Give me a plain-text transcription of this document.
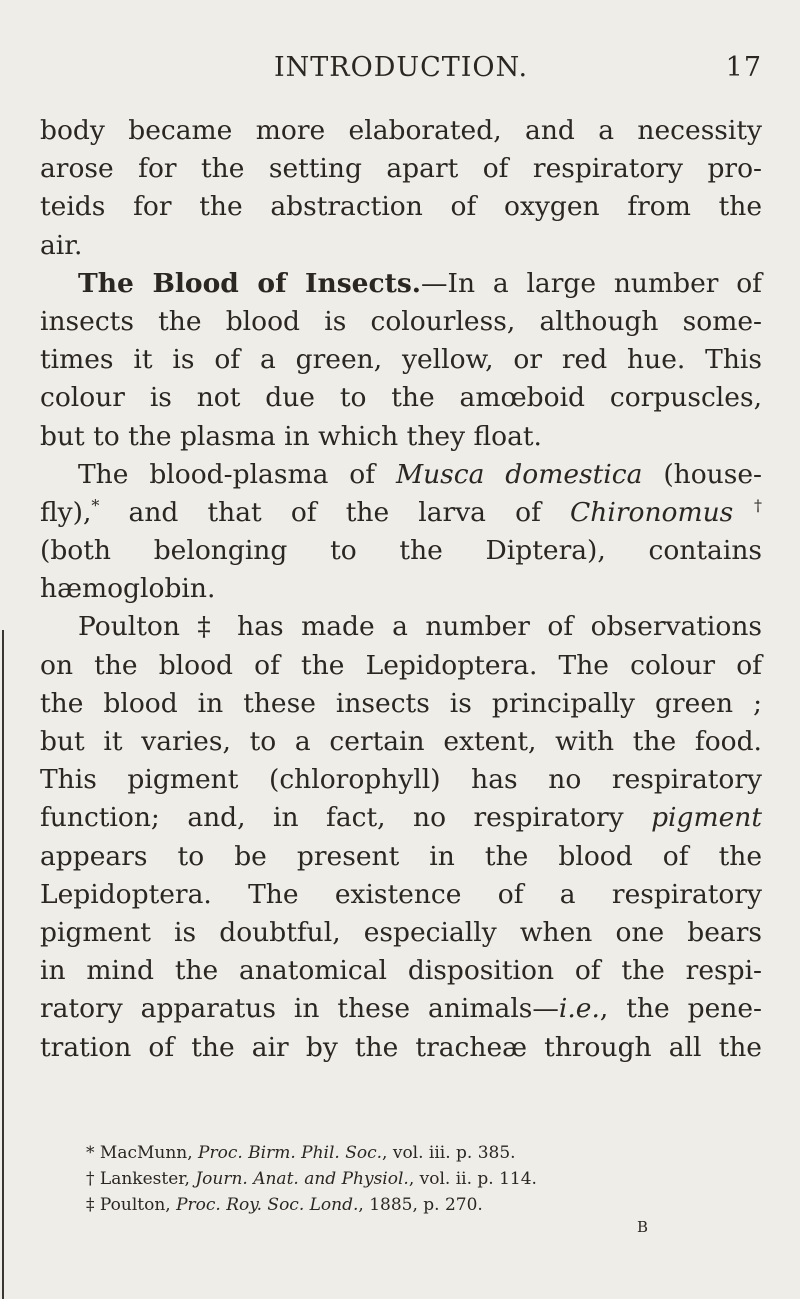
INTRODUCTION.	17
body became more elaborated, and a necessity
arose for the setting apart of respiratory pro-
teids for the abstraction of oxygen from the
air.
The Blood of Insects.—In a large number of
insects the blood is colourless, although some-
times it is of a green, yellow, or red hue. This
colour is not due to the amœboid corpuscles,
but to the plasma in which they float.
The blood-plasma of Musca domestica (house-
fly),* and that of the larva of Chironomus†
(both belonging to the Diptera), contains
hæmoglobin.
Poulton ‡ has made a number of observations
on the blood of the Lepidoptera. The colour of
the blood in these insects is principally green ;
but it varies, to a certain extent, with the food.
This pigment (chlorophyll) has no respiratory
function; and, in fact, no respiratory pigment
appears to be present in the blood of the
Lepidoptera. The existence of a respiratory
pigment is doubtful, especially when one bears
in mind the anatomical disposition of the respi-
ratory apparatus in these animals—i.e., the pene-
tration of the air by the tracheæ through all the
* MacMunn, Proc. Birm. Phil. Soc., vol. iii. p. 385.
† Lankester, Journ. Anat. and Physiol., vol. ii. p. 114.
‡ Poulton, Proc. Roy. Soc. Lond., 1885, p. 270.
B
